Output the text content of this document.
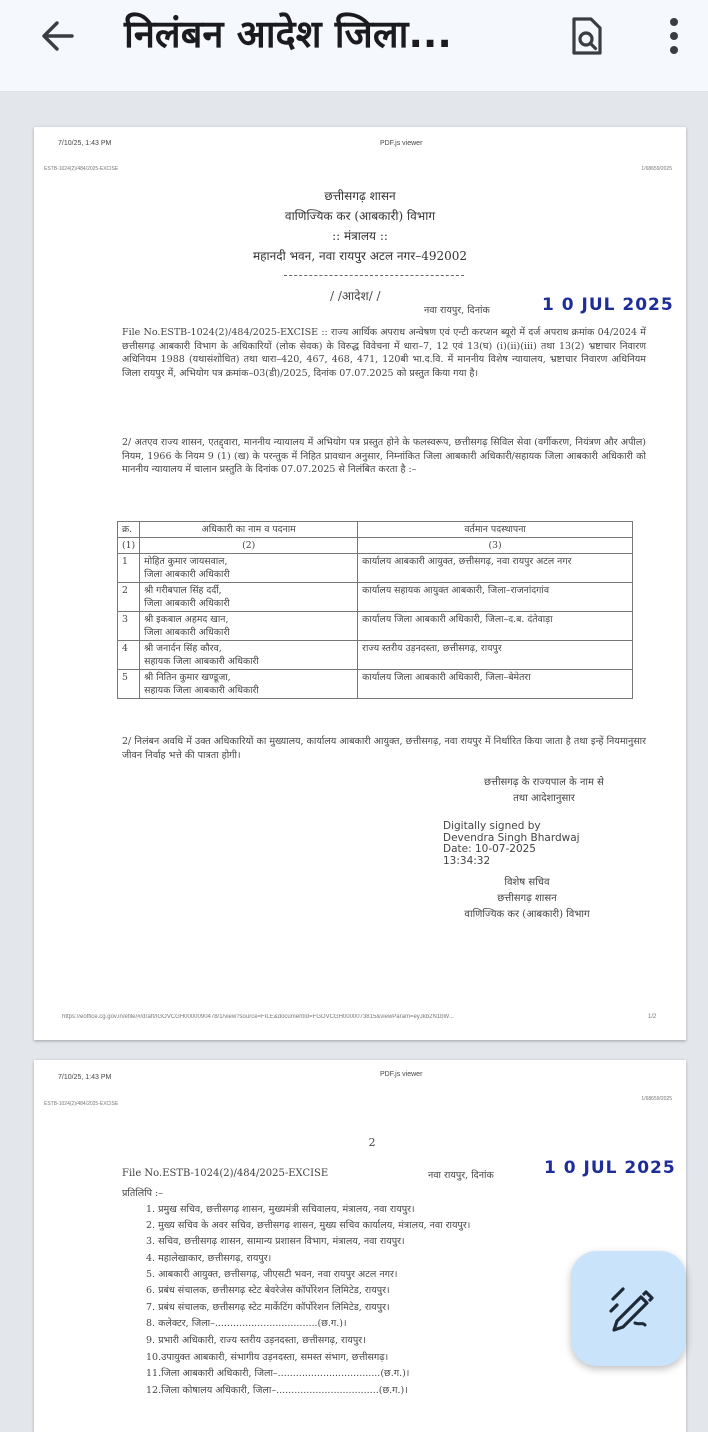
निलंबन आदेश जिला...
7/10/25, 1:43 PM	PDF.js viewer
ESTB-1024(2)/484/2025-EXCISE	1/68659/2025
छत्तीसगढ़ शासन
वाणिज्यिक कर (आबकारी) विभाग
:: मंत्रालय ::
महानदी भवन, नवा रायपुर अटल नगर–492002
/ /आदेश/ /
नवा रायपुर, दिनांक	1 0 JUL 2025
File No.ESTB-1024(2)/484/2025-EXCISE :: राज्य आर्थिक अपराध अन्वेषण एवं एन्टी करप्शन ब्यूरो में दर्ज अपराध क्रमांक 04/2024 में छत्तीसगढ़ आबकारी विभाग के अधिकारियों (लोक सेवक) के विरुद्ध विवेचना में धारा–7, 12 एवं 13(घ) (i)(ii)(iii) तथा 13(2) भ्रष्टाचार निवारण अधिनियम 1988 (यथासंशोधित) तथा धारा–420, 467, 468, 471, 120बी भा.द.वि. में माननीय विशेष न्यायालय, भ्रष्टाचार निवारण अधिनियम जिला रायपुर में, अभियोग पत्र क्रमांक–03(डी)/2025, दिनांक 07.07.2025 को प्रस्तुत किया गया है।
2/ अतएव राज्य शासन, एतद्द्वारा, माननीय न्यायालय में अभियोग पत्र प्रस्तुत होने के फलस्वरूप, छत्तीसगढ़ सिविल सेवा (वर्गीकरण, नियंत्रण और अपील) नियम, 1966 के नियम 9 (1) (ख) के परन्तुक में निहित प्रावधान अनुसार, निम्नांकित जिला आबकारी अधिकारी/सहायक जिला आबकारी अधिकारी को माननीय न्यायालय में चालान प्रस्तुति के दिनांक 07.07.2025 से निलंबित करता है :–
क्र.	अधिकारी का नाम व पदनाम	वर्तमान पदस्थापना
(1)	(2)	(3)
1	मोहित कुमार जायसवाल,
जिला आबकारी अधिकारी	कार्यालय आबकारी आयुक्त, छत्तीसगढ़, नवा रायपुर अटल नगर
2	श्री गरीबपाल सिंह दर्दी,
जिला आबकारी अधिकारी	कार्यालय सहायक आयुक्त आबकारी, जिला–राजनांदगांव
3	श्री इकबाल अहमद खान,
जिला आबकारी अधिकारी	कार्यालय जिला आबकारी अधिकारी, जिला–द.ब. दंतेवाड़ा
4	श्री जनार्दन सिंह कौरव,
सहायक जिला आबकारी अधिकारी	राज्य स्तरीय उड़नदस्ता, छत्तीसगढ़, रायपुर
5	श्री नितिन कुमार खण्डूजा,
सहायक जिला आबकारी अधिकारी	कार्यालय जिला आबकारी अधिकारी, जिला–बेमेतरा
2/ निलंबन अवधि में उक्त अधिकारियों का मुख्यालय, कार्यालय आबकारी आयुक्त, छत्तीसगढ़, नवा रायपुर में निर्धारित किया जाता है तथा इन्हें नियमानुसार जीवन निर्वाह भत्ते की पात्रता होगी।
छत्तीसगढ़ के राज्यपाल के नाम से
तथा आदेशानुसार
Digitally signed by
Devendra Singh Bhardwaj
Date: 10-07-2025
13:34:32
विशेष सचिव
छत्तीसगढ़ शासन
वाणिज्यिक कर (आबकारी) विभाग
https://eoffice.cg.gov.in/efile/#/draft/IGOVCGH0000090478/1/view?source=FILE&documentId=FGOVCGH0000073815&viewParam=eyJkb2N1bW...	1/2
7/10/25, 1:43 PM	PDF.js viewer
ESTB-1024(2)/484/2025-EXCISE
1/68659/2025
2
File No.ESTB-1024(2)/484/2025-EXCISE	नवा रायपुर, दिनांक	1 0 JUL 2025
प्रतिलिपि :–
1. प्रमुख सचिव, छत्तीसगढ़ शासन, मुख्यमंत्री सचिवालय, मंत्रालय, नवा रायपुर।
2. मुख्य सचिव के अवर सचिव, छत्तीसगढ़ शासन, मुख्य सचिव कार्यालय, मंत्रालय, नवा रायपुर।
3. सचिव, छत्तीसगढ़ शासन, सामान्य प्रशासन विभाग, मंत्रालय, नवा रायपुर।
4. महालेखाकार, छत्तीसगढ़, रायपुर।
5. आबकारी आयुक्त, छत्तीसगढ़, जीएसटी भवन, नवा रायपुर अटल नगर।
6. प्रबंध संचालक, छत्तीसगढ़ स्टेट बेवरेजेस कॉर्पोरेशन लिमिटेड, रायपुर।
7. प्रबंध संचालक, छत्तीसगढ़ स्टेट मार्केटिंग कॉर्पोरेशन लिमिटेड, रायपुर।
8. कलेक्टर, जिला–..................................(छ.ग.)।
9. प्रभारी अधिकारी, राज्य स्तरीय उड़नदस्ता, छत्तीसगढ़, रायपुर।
10.उपायुक्त आबकारी, संभागीय उड़नदस्ता, समस्त संभाग, छत्तीसगढ़।
11.जिला आबकारी अधिकारी, जिला–..................................(छ.ग.)।
12.जिला कोषालय अधिकारी, जिला–..................................(छ.ग.)।
